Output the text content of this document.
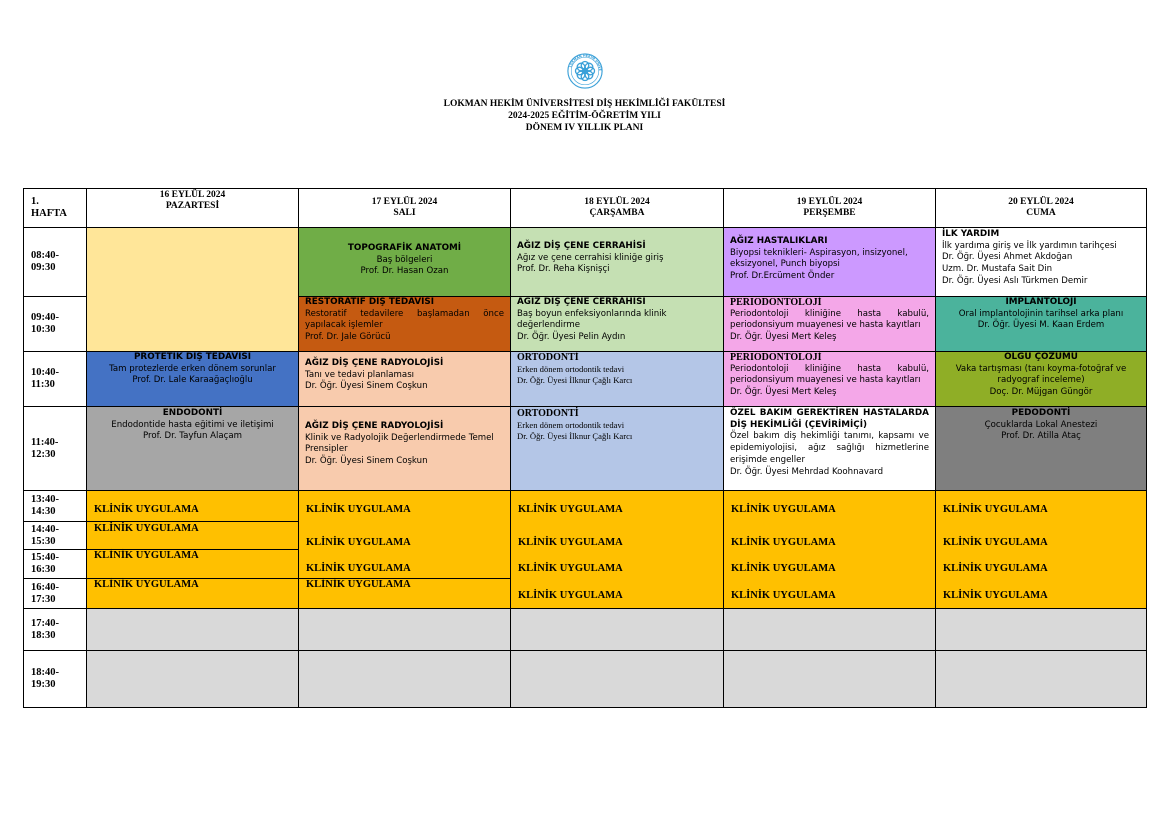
LOKMAN HEKİM ÜNİVE
LOKMAN HEKİM ÜNİVERSİTESİ DİŞ HEKİMLİĞİ FAKÜLTESİ
2024-2025 EĞİTİM-ÖĞRETİM YILI
DÖNEM IV YILLIK PLANI
1.
HAFTA
16 EYLÜL 2024
PAZARTESİ	17 EYLÜL 2024
SALI
18 EYLÜL 2024
ÇARŞAMBA
19 EYLÜL 2024
PERŞEMBE
20 EYLÜL 2024
CUMA
08:40-
09:30
09:40-
10:30
10:40-
11:30
11:40-
12:30
13:40-
14:30
14:40-
15:30
15:40-
16:30
16:40-
17:30
17:40-
18:30
18:40-
19:30
TOPOGRAFİK ANATOMİ
Baş bölgeleri
Prof. Dr. Hasan Ozan
AĞIZ DİŞ ÇENE CERRAHİSİ
Ağız ve çene cerrahisi kliniğe giriş
Prof. Dr. Reha Kişnişçi
AĞIZ HASTALIKLARI
Biyopsi teknikleri- Aspirasyon, insizyonel, eksizyonel, Punch biyopsi
Prof. Dr.Ercüment Önder
İLK YARDIM
İlk yardıma giriş ve İlk yardımın tarihçesi
Dr. Öğr. Üyesi Ahmet Akdoğan
Uzm. Dr. Mustafa Sait Din
Dr. Öğr. Üyesi Aslı Türkmen Demir
RESTORATİF DİŞ TEDAVİSİ
Restoratif tedavilere başlamadan önce yapılacak işlemler
Prof. Dr. Jale Görücü
AĞIZ DİŞ ÇENE CERRAHİSİ
Baş boyun enfeksiyonlarında klinik değerlendirme
Dr. Öğr. Üyesi Pelin Aydın
PERIODONTOLOJİ
Periodontoloji kliniğine hasta kabulü, periodonsiyum muayenesi ve hasta kayıtları
Dr. Öğr. Üyesi Mert Keleş
İMPLANTOLOJİ
Oral implantolojinin tarihsel arka planı
Dr. Öğr. Üyesi M. Kaan Erdem
PROTETİK DİŞ TEDAVİSİ
Tam protezlerde erken dönem sorunlar
Prof. Dr. Lale Karaağaçlıoğlu
AĞIZ DİŞ ÇENE RADYOLOJİSİ
Tanı ve tedavi planlaması
Dr. Öğr. Üyesi Sinem Coşkun
ORTODONTİ
Erken dönem ortodontik tedavi
Dr. Öğr. Üyesi İlknur Çağlı Karcı
PERIODONTOLOJİ
Periodontoloji kliniğine hasta kabulü, periodonsiyum muayenesi ve hasta kayıtları
Dr. Öğr. Üyesi Mert Keleş
OLGU ÇÖZÜMÜ
Vaka tartışması (tanı koyma-fotoğraf ve radyograf inceleme)
Doç. Dr. Müjgan Güngör
ENDODONTİ
Endodontide hasta eğitimi ve iletişimi
Prof. Dr. Tayfun Alaçam
AĞIZ DİŞ ÇENE RADYOLOJİSİ
Klinik ve Radyolojik Değerlendirmede Temel Prensipler
Dr. Öğr. Üyesi Sinem Coşkun
ORTODONTİ
Erken dönem ortodontik tedavi
Dr. Öğr. Üyesi İlknur Çağlı Karcı
ÖZEL BAKIM GEREKTİREN HASTALARDA DİŞ HEKİMLİĞİ (ÇEVİRİMİÇİ)
Özel bakım diş hekimliği tanımı, kapsamı ve epidemiyolojisi, ağız sağlığı hizmetlerine erişimde engeller
Dr. Öğr. Üyesi Mehrdad Koohnavard
PEDODONTİ
Çocuklarda Lokal Anestezi
Prof. Dr. Atilla Ataç
KLİNİK UYGULAMA
KLİNİK UYGULAMA
KLİNİK UYGULAMA
KLİNİK UYGULAMA
KLİNİK UYGULAMA
KLİNİK UYGULAMA
KLİNİK UYGULAMA
KLİNİK UYGULAMA
KLİNİK UYGULAMA
KLİNİK UYGULAMA
KLİNİK UYGULAMA
KLİNİK UYGULAMA
KLİNİK UYGULAMA
KLİNİK UYGULAMA
KLİNİK UYGULAMA
KLİNİK UYGULAMA
KLİNİK UYGULAMA
KLİNİK UYGULAMA
KLİNİK UYGULAMA
KLİNİK UYGULAMA
